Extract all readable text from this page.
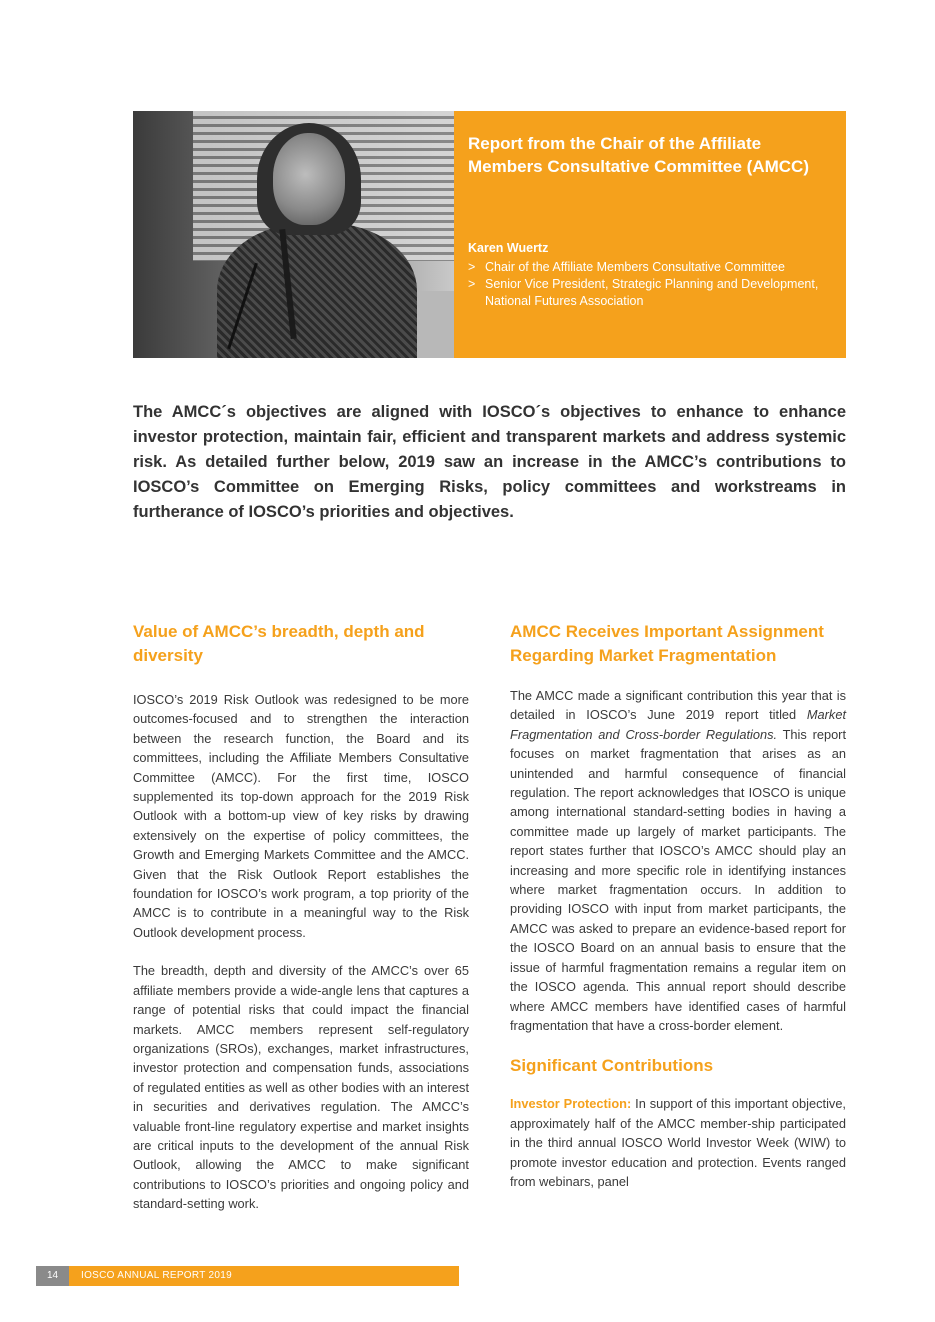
Report from the Chair of the Affiliate Members Consultative Committee (AMCC)
Karen Wuertz
> Chair of the Affiliate Members Consultative Committee
> Senior Vice President, Strategic Planning and Development, National Futures Association

The AMCC´s objectives are aligned with IOSCO´s objectives to enhance to enhance investor protection, maintain fair, efficient and transparent markets and address systemic risk. As detailed further below, 2019 saw an increase in the AMCC’s contributions to IOSCO’s Committee on Emerging Risks, policy committees and workstreams in furtherance of IOSCO’s priorities and objectives.

Value of AMCC’s breadth, depth and diversity

IOSCO’s 2019 Risk Outlook was redesigned to be more outcomes-focused and to strengthen the interaction between the research function, the Board and its committees, including the Affiliate Members Consultative Committee (AMCC). For the first time, IOSCO supplemented its top-down approach for the 2019 Risk Outlook with a bottom-up view of key risks by drawing extensively on the expertise of policy committees, the Growth and Emerging Markets Committee and the AMCC. Given that the Risk Outlook Report establishes the foundation for IOSCO’s work program, a top priority of the AMCC is to contribute in a meaningful way to the Risk Outlook development process.

The breadth, depth and diversity of the AMCC’s over 65 affiliate members provide a wide-angle lens that captures a range of potential risks that could impact the financial markets. AMCC members represent self-regulatory organizations (SROs), exchanges, market infrastructures, investor protection and compensation funds, associations of regulated entities as well as other bodies with an interest in securities and derivatives regulation. The AMCC’s valuable front-line regulatory expertise and market insights are critical inputs to the development of the annual Risk Outlook, allowing the AMCC to make significant contributions to IOSCO’s priorities and ongoing policy and standard-setting work.

AMCC Receives Important Assignment Regarding Market Fragmentation

The AMCC made a significant contribution this year that is detailed in IOSCO’s June 2019 report titled Market Fragmentation and Cross-border Regulations. This report focuses on market fragmentation that arises as an unintended and harmful consequence of financial regulation. The report acknowledges that IOSCO is unique among international standard-setting bodies in having a committee made up largely of market participants. The report states further that IOSCO’s AMCC should play an increasing and more specific role in identifying instances where market fragmentation occurs. In addition to providing IOSCO with input from market participants, the AMCC was asked to prepare an evidence-based report for the IOSCO Board on an annual basis to ensure that the issue of harmful fragmentation remains a regular item on the IOSCO agenda. This annual report should describe where AMCC members have identified cases of harmful fragmentation that have a cross-border element.

Significant Contributions

Investor Protection: In support of this important objective, approximately half of the AMCC member-ship participated in the third annual IOSCO World Investor Week (WIW) to promote investor education and protection. Events ranged from webinars, panel

14	IOSCO ANNUAL REPORT 2019
